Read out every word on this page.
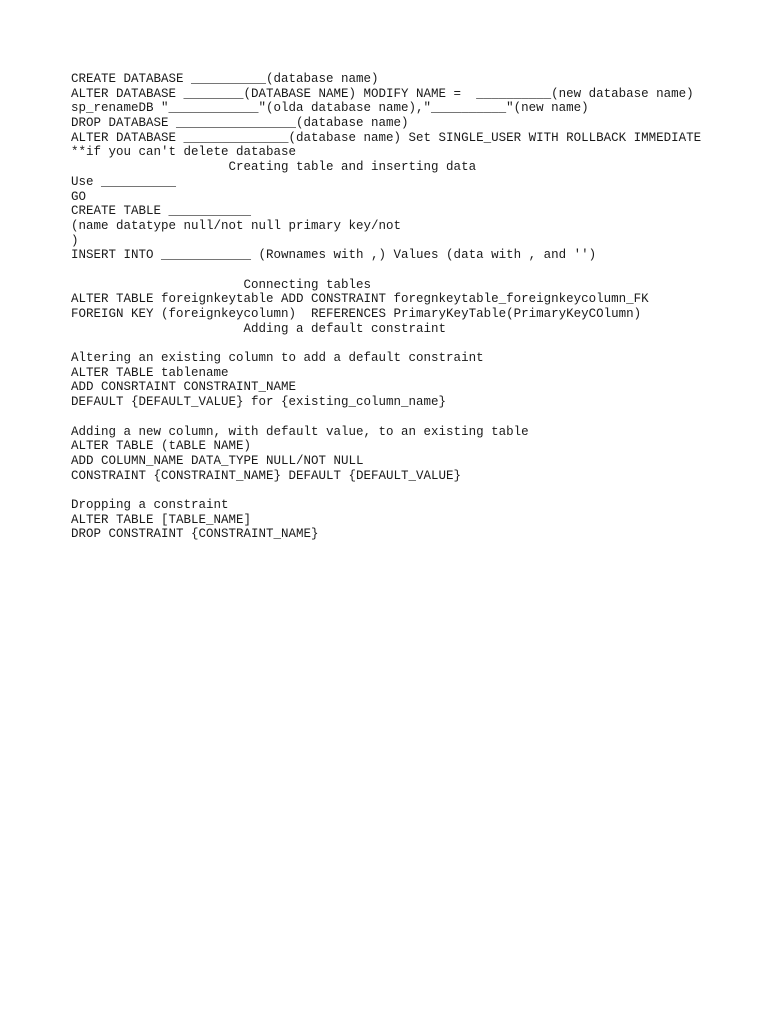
CREATE DATABASE __________(database name)
ALTER DATABASE ________(DATABASE NAME) MODIFY NAME =  __________(new database name)
sp_renameDB "____________"(olda database name),"__________"(new name)
DROP DATABASE ________________(database name)
ALTER DATABASE ______________(database name) Set SINGLE_USER WITH ROLLBACK IMMEDIATE
**if you can't delete database
Creating table and inserting data
Use __________
GO
CREATE TABLE ___________
(name datatype null/not null primary key/not
)
INSERT INTO ____________ (Rownames with ,) Values (data with , and '')
Connecting tables
ALTER TABLE foreignkeytable ADD CONSTRAINT foregnkeytable_foreignkeycolumn_FK
FOREIGN KEY (foreignkeycolumn)  REFERENCES PrimaryKeyTable(PrimaryKeyCOlumn)
Adding a default constraint
Altering an existing column to add a default constraint
ALTER TABLE tablename
ADD CONSRTAINT CONSTRAINT_NAME
DEFAULT {DEFAULT_VALUE} for {existing_column_name}
Adding a new column, with default value, to an existing table
ALTER TABLE (tABLE NAME)
ADD COLUMN_NAME DATA_TYPE NULL/NOT NULL
CONSTRAINT {CONSTRAINT_NAME} DEFAULT {DEFAULT_VALUE}
Dropping a constraint
ALTER TABLE [TABLE_NAME]
DROP CONSTRAINT {CONSTRAINT_NAME}
